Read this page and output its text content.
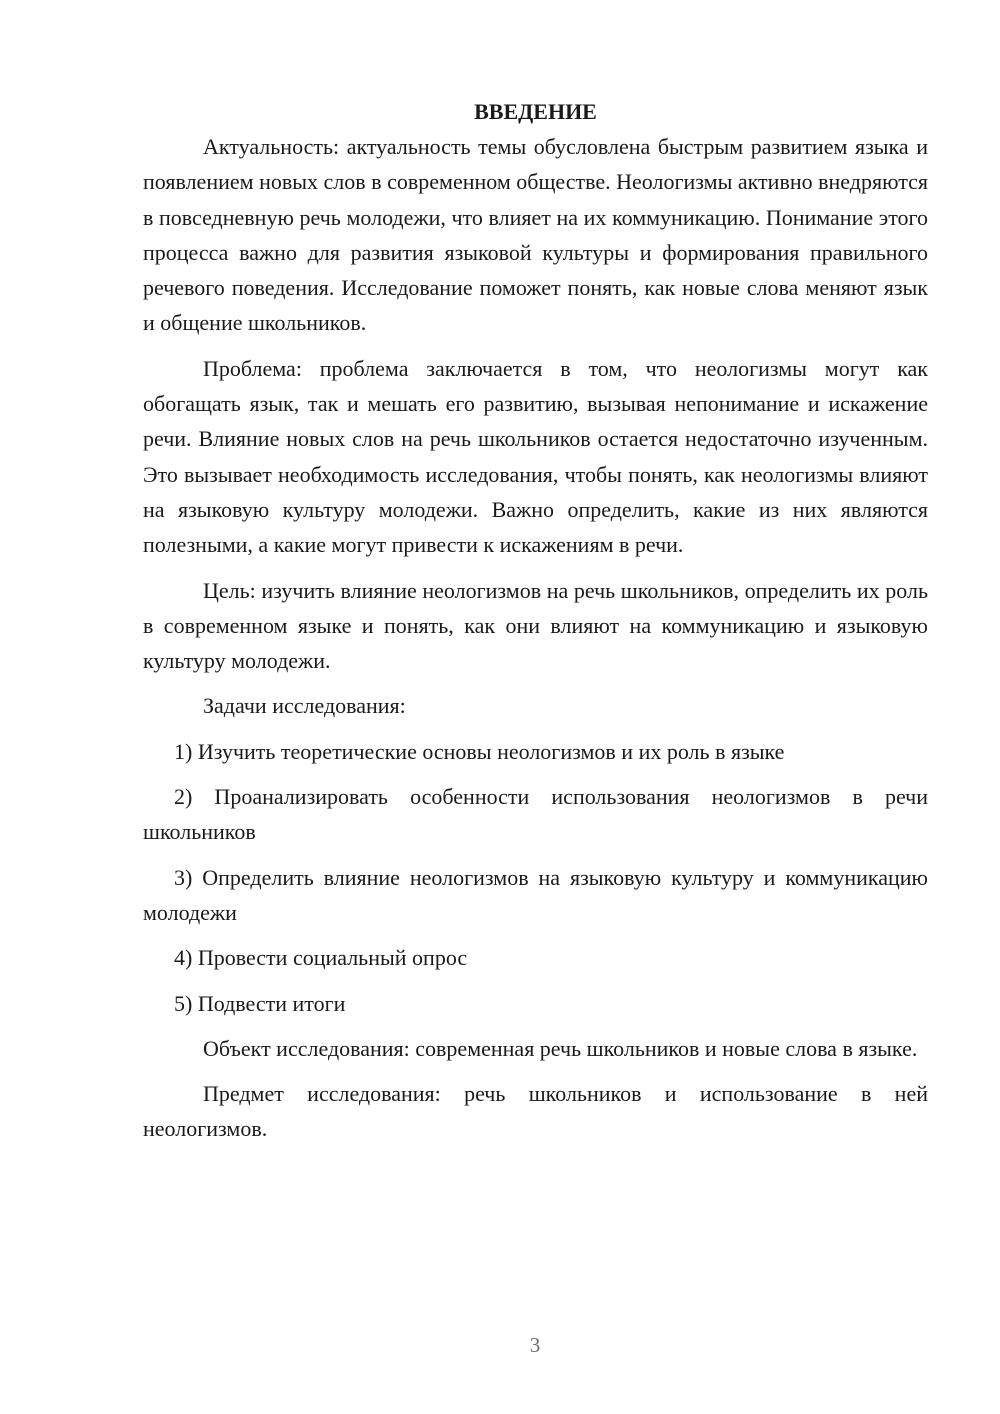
ВВЕДЕНИЕ

Актуальность: актуальность темы обусловлена быстрым развитием языка и появлением новых слов в современном обществе. Неологизмы активно внедряются в повседневную речь молодежи, что влияет на их коммуникацию. Понимание этого процесса важно для развития языковой культуры и формирования правильного речевого поведения. Исследование поможет понять, как новые слова меняют язык и общение школьников.

Проблема: проблема заключается в том, что неологизмы могут как обогащать язык, так и мешать его развитию, вызывая непонимание и искажение речи. Влияние новых слов на речь школьников остается недостаточно изученным. Это вызывает необходимость исследования, чтобы понять, как неологизмы влияют на языковую культуру молодежи. Важно определить, какие из них являются полезными, а какие могут привести к искажениям в речи.

Цель: изучить влияние неологизмов на речь школьников, определить их роль в современном языке и понять, как они влияют на коммуникацию и языковую культуру молодежи.

Задачи исследования:

1) Изучить теоретические основы неологизмов и их роль в языке

2) Проанализировать особенности использования неологизмов в речи школьников

3) Определить влияние неологизмов на языковую культуру и коммуникацию молодежи

4) Провести социальный опрос

5) Подвести итоги

Объект исследования: современная речь школьников и новые слова в языке.

Предмет исследования: речь школьников и использование в ней неологизмов.

3
